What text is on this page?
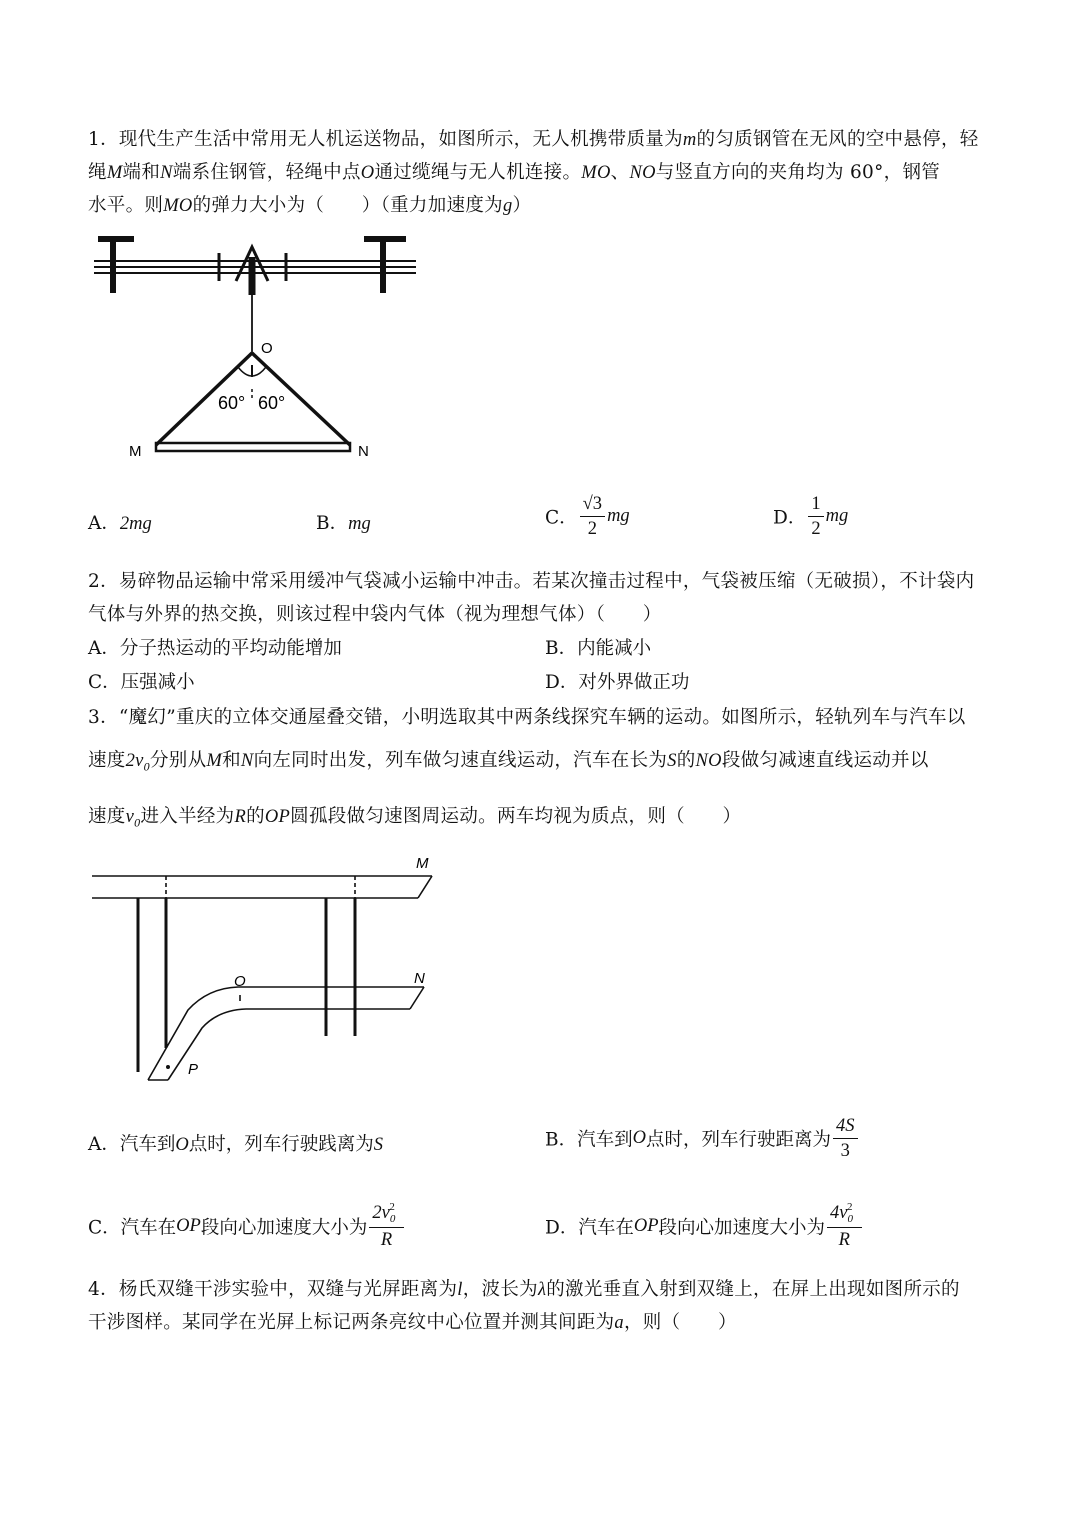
1．现代生产生活中常用无人机运送物品，如图所示，无人机携带质量为m的匀质钢管在无风的空中悬停，轻
绳M端和N端系住钢管，轻绳中点O通过缆绳与无人机连接。MO、NO与竖直方向的夹角均为 60°，钢管
水平。则MO的弹力大小为（　　）（重力加速度为g）
O
M	N
60° 60°
A．2mg	B．mg	C． $\frac{√3}{2}$ mg	D． $\frac{1}{2}$ mg
2．易碎物品运输中常采用缓冲气袋减小运输中冲击。若某次撞击过程中，气袋被压缩（无破损），不计袋内
气体与外界的热交换，则该过程中袋内气体（视为理想气体）（　　）
A．分子热运动的平均动能增加	B．内能减小
C．压强减小	D．对外界做正功
3．“魔幻”重庆的立体交通屋叠交错，小明选取其中两条线探究车辆的运动。如图所示，轻轨列车与汽车以
速度$2v_0$分别从M和N向左同时出发，列车做匀速直线运动，汽车在长为S的NO段做匀减速直线运动并以
速度$v_0$进入半经为R的OP圆孤段做匀速图周运动。两车均视为质点，则（　　）
M
N
O
P
A．汽车到O点时，列车行驶践离为S	B．汽车到O点时，列车行驶距离为 $\frac{4S}{3}$
C．汽车在OP段向心加速度大小为 $\frac{2v02}{R}$	D．汽车在OP段向心加速度大小为 $\frac{4v02}{R}$
4．杨氏双缝干涉实验中，双缝与光屏距离为l，波长为λ的激光垂直入射到双缝上，在屏上出现如图所示的
干涉图样。某同学在光屏上标记两条亮纹中心位置并测其间距为a，则（　　）
